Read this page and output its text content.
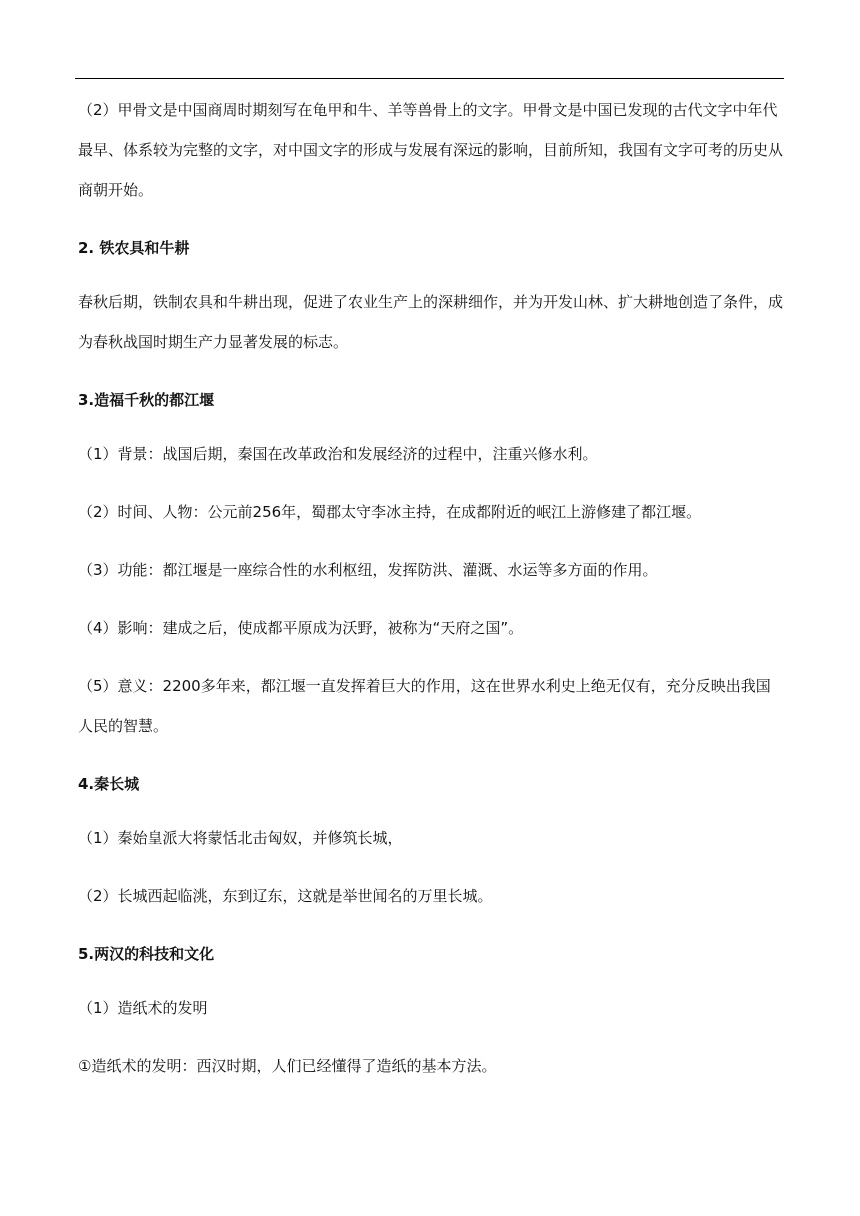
（2）甲骨文是中国商周时期刻写在龟甲和牛、羊等兽骨上的文字。甲骨文是中国已发现的古代文字中年代最早、体系较为完整的文字，对中国文字的形成与发展有深远的影响，目前所知，我国有文字可考的历史从商朝开始。

2. 铁农具和牛耕

春秋后期，铁制农具和牛耕出现，促进了农业生产上的深耕细作，并为开发山林、扩大耕地创造了条件，成为春秋战国时期生产力显著发展的标志。

3.造福千秋的都江堰

（1）背景：战国后期，秦国在改革政治和发展经济的过程中，注重兴修水利。

（2）时间、人物：公元前256年，蜀郡太守李冰主持，在成都附近的岷江上游修建了都江堰。

（3）功能：都江堰是一座综合性的水利枢纽，发挥防洪、灌溉、水运等多方面的作用。

（4）影响：建成之后，使成都平原成为沃野，被称为“天府之国”。

（5）意义：2200多年来，都江堰一直发挥着巨大的作用，这在世界水利史上绝无仅有，充分反映出我国人民的智慧。

4.秦长城

（1）秦始皇派大将蒙恬北击匈奴，并修筑长城，

（2）长城西起临洮，东到辽东，这就是举世闻名的万里长城。

5.两汉的科技和文化

（1）造纸术的发明

①造纸术的发明：西汉时期，人们已经懂得了造纸的基本方法。
